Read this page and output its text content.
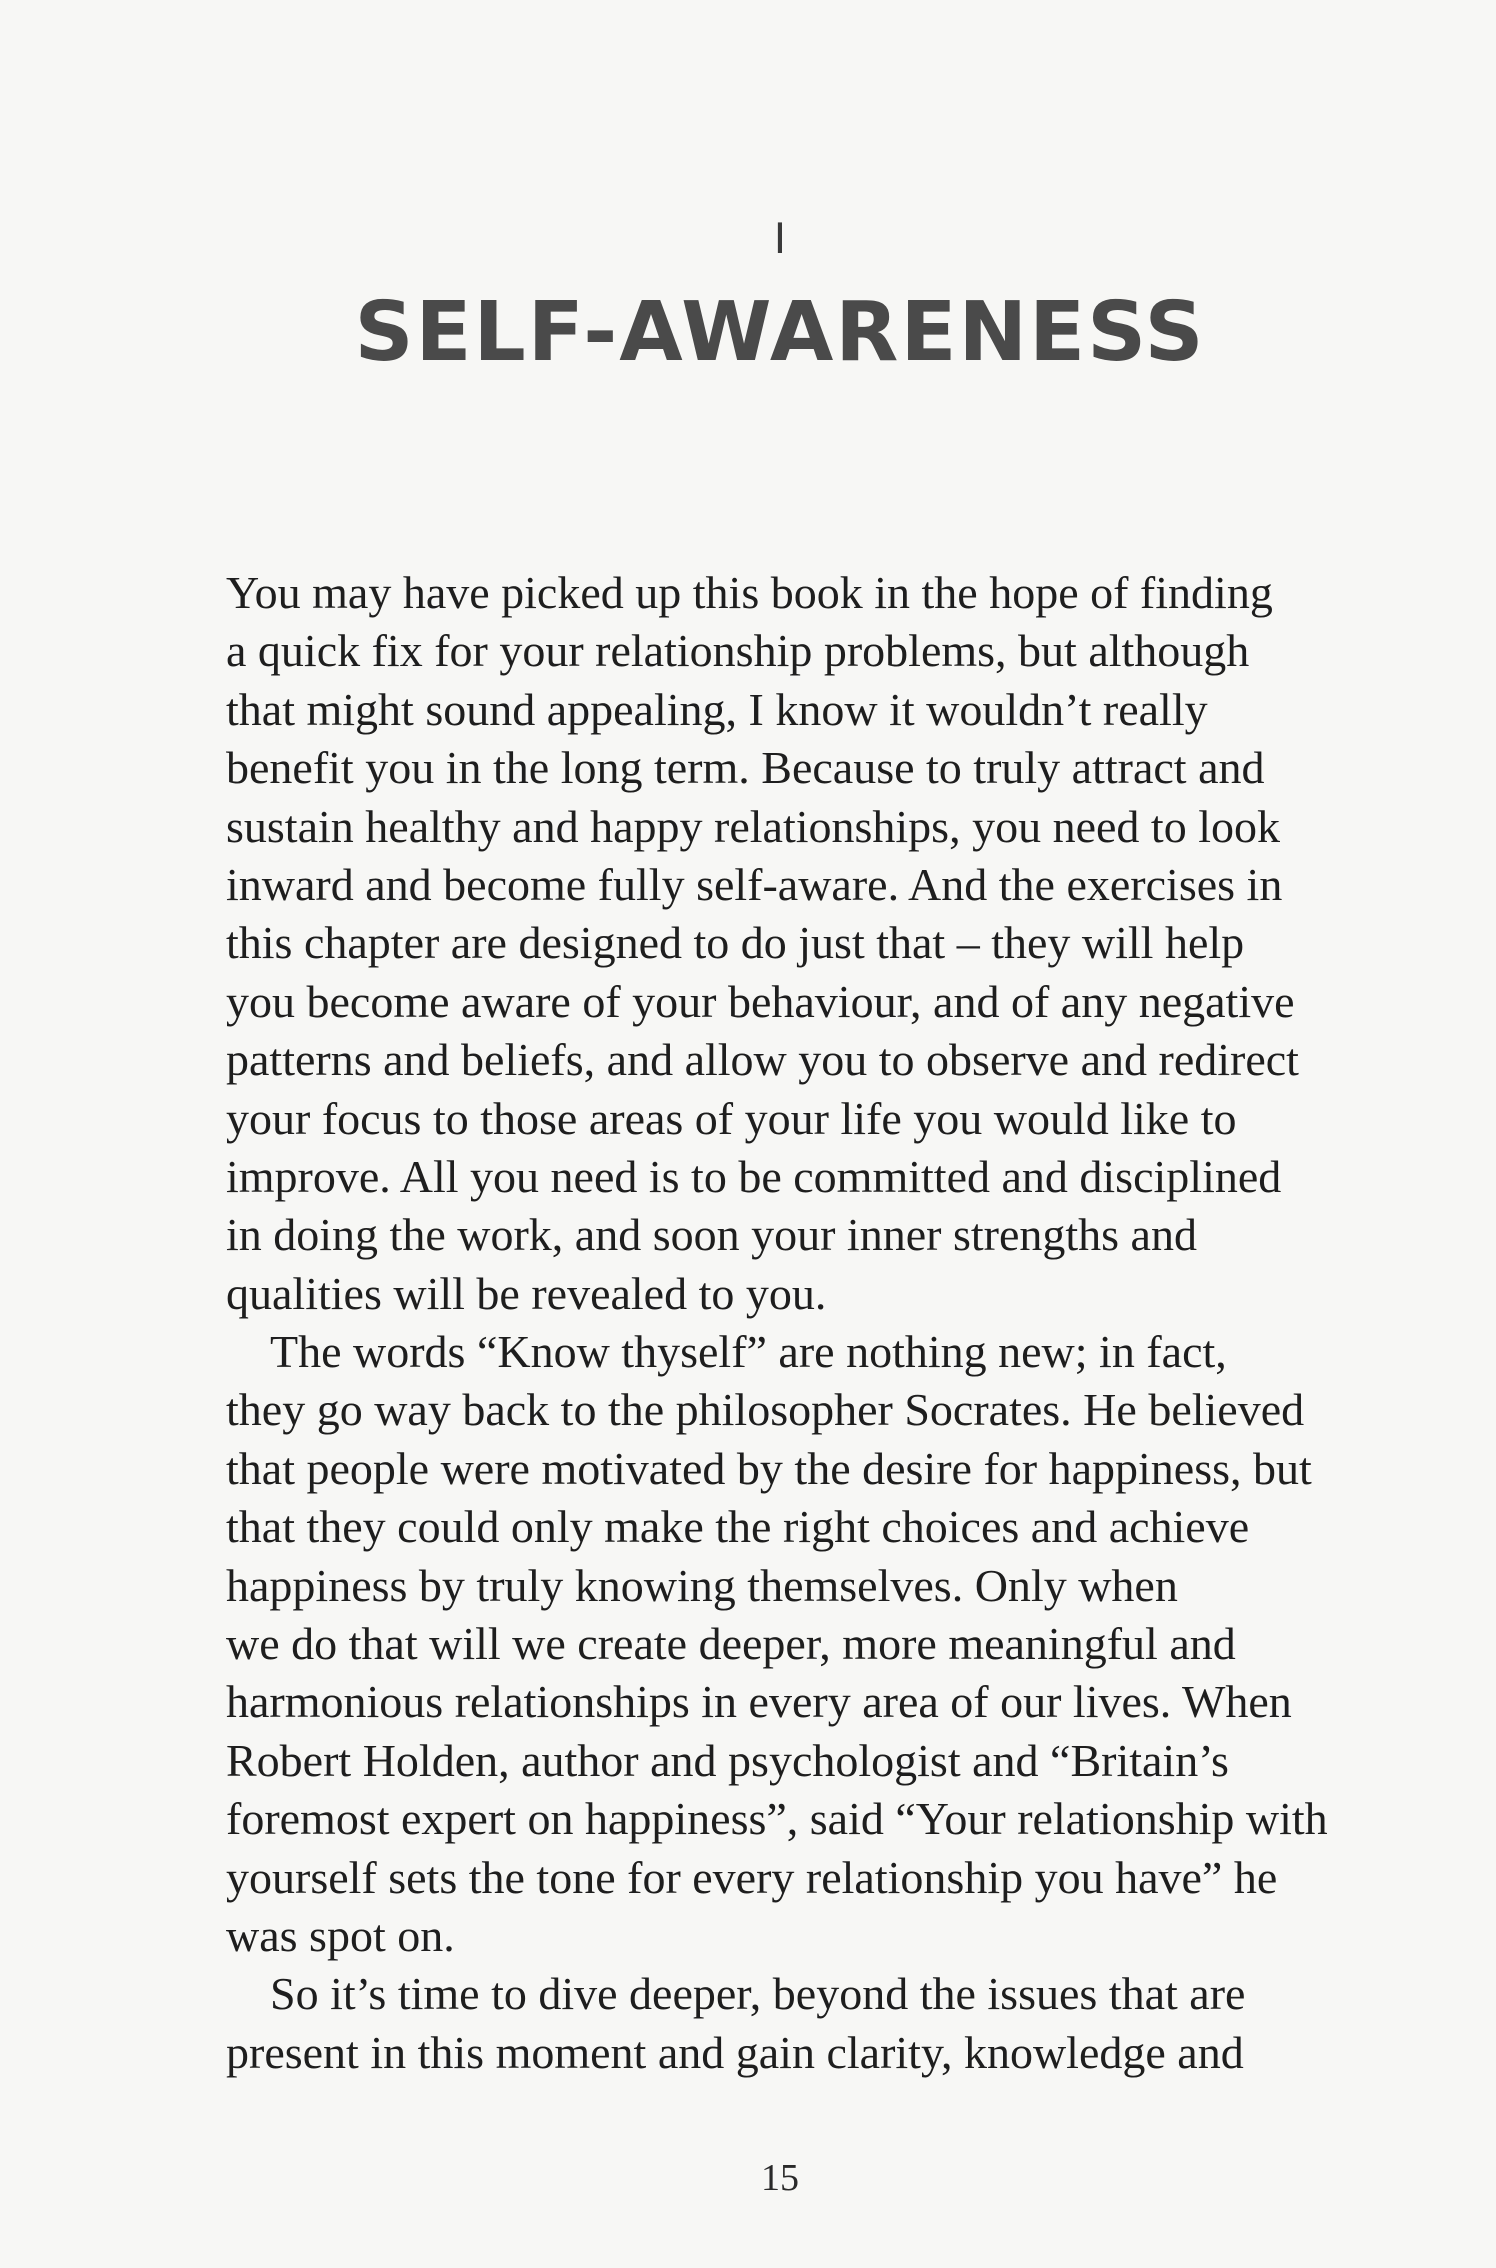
I
SELF-AWARENESS

You may have picked up this book in the hope of finding
a quick fix for your relationship problems, but although
that might sound appealing, I know it wouldn’t really
benefit you in the long term. Because to truly attract and
sustain healthy and happy relationships, you need to look
inward and become fully self-aware. And the exercises in
this chapter are designed to do just that – they will help
you become aware of your behaviour, and of any negative
patterns and beliefs, and allow you to observe and redirect
your focus to those areas of your life you would like to
improve. All you need is to be committed and disciplined
in doing the work, and soon your inner strengths and
qualities will be revealed to you.

The words “Know thyself” are nothing new; in fact,
they go way back to the philosopher Socrates. He believed
that people were motivated by the desire for happiness, but
that they could only make the right choices and achieve
happiness by truly knowing themselves. Only when
we do that will we create deeper, more meaningful and
harmonious relationships in every area of our lives. When
Robert Holden, author and psychologist and “Britain’s
foremost expert on happiness”, said “Your relationship with
yourself sets the tone for every relationship you have” he
was spot on.

So it’s time to dive deeper, beyond the issues that are
present in this moment and gain clarity, knowledge and

15
